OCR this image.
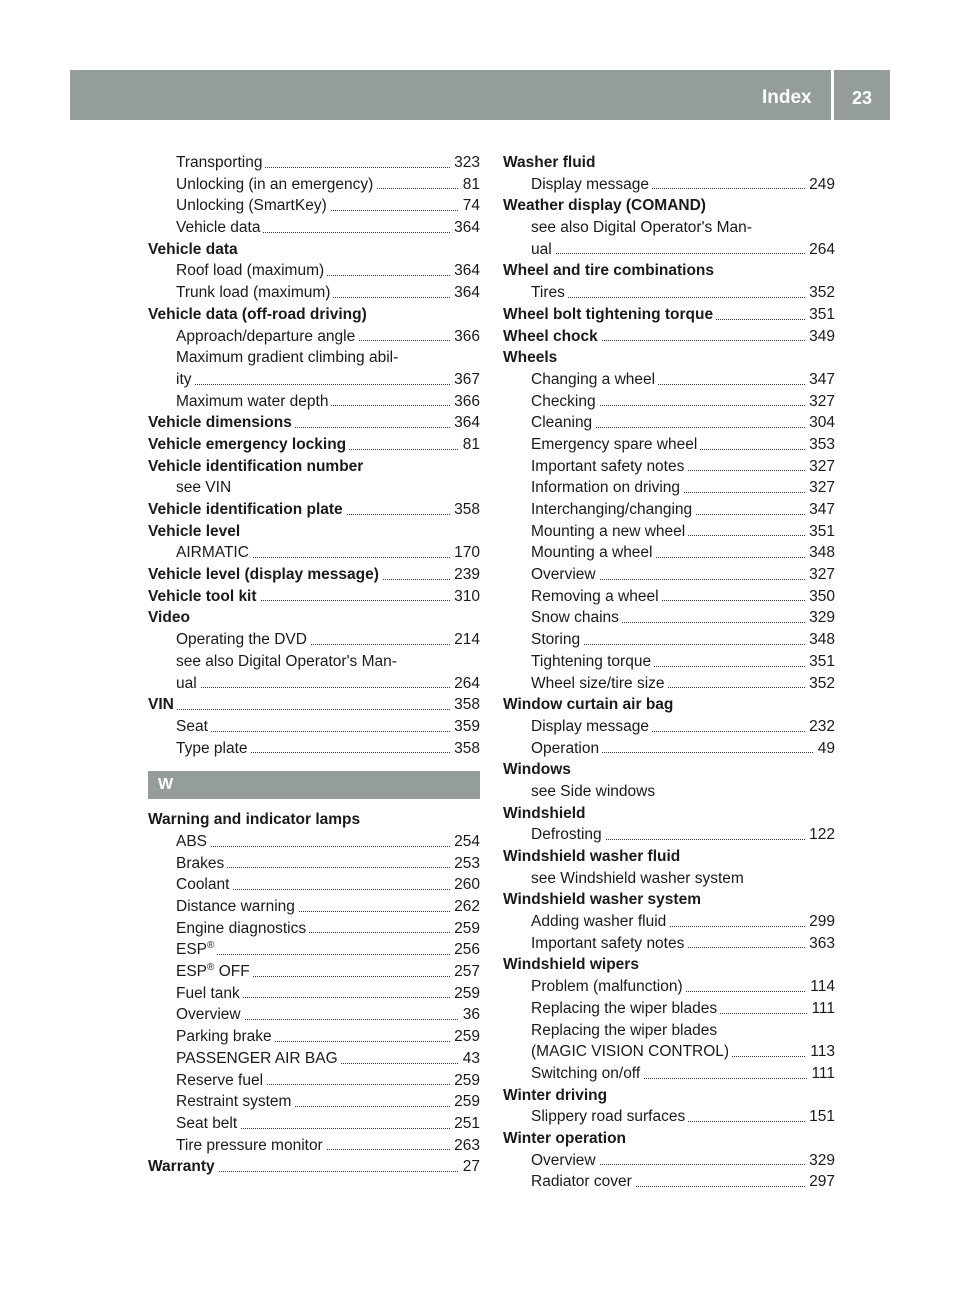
Index	23
Transporting	323
Unlocking (in an emergency)	81
Unlocking (SmartKey)	74
Vehicle data	364
Vehicle data
Roof load (maximum)	364
Trunk load (maximum)	364
Vehicle data (off-road driving)
Approach/departure angle	366
Maximum gradient climbing abil-
ity	367
Maximum water depth	366
Vehicle dimensions	364
Vehicle emergency locking	81
Vehicle identification number
see VIN
Vehicle identification plate	358
Vehicle level
AIRMATIC	170
Vehicle level (display message)	239
Vehicle tool kit	310
Video
Operating the DVD	214
see also Digital Operator's Man-
ual	264
VIN	358
Seat	359
Type plate	358
W
Warning and indicator lamps
ABS	254
Brakes	253
Coolant	260
Distance warning	262
Engine diagnostics	259
ESP®	256
ESP® OFF	257
Fuel tank	259
Overview	36
Parking brake	259
PASSENGER AIR BAG	43
Reserve fuel	259
Restraint system	259
Seat belt	251
Tire pressure monitor	263
Warranty	27
Washer fluid
Display message	249
Weather display (COMAND)
see also Digital Operator's Man-
ual	264
Wheel and tire combinations
Tires	352
Wheel bolt tightening torque	351
Wheel chock	349
Wheels
Changing a wheel	347
Checking	327
Cleaning	304
Emergency spare wheel	353
Important safety notes	327
Information on driving	327
Interchanging/changing	347
Mounting a new wheel	351
Mounting a wheel	348
Overview	327
Removing a wheel	350
Snow chains	329
Storing	348
Tightening torque	351
Wheel size/tire size	352
Window curtain air bag
Display message	232
Operation	49
Windows
see Side windows
Windshield
Defrosting	122
Windshield washer fluid
see Windshield washer system
Windshield washer system
Adding washer fluid	299
Important safety notes	363
Windshield wipers
Problem (malfunction)	114
Replacing the wiper blades	111
Replacing the wiper blades
(MAGIC VISION CONTROL)	113
Switching on/off	111
Winter driving
Slippery road surfaces	151
Winter operation
Overview	329
Radiator cover	297
